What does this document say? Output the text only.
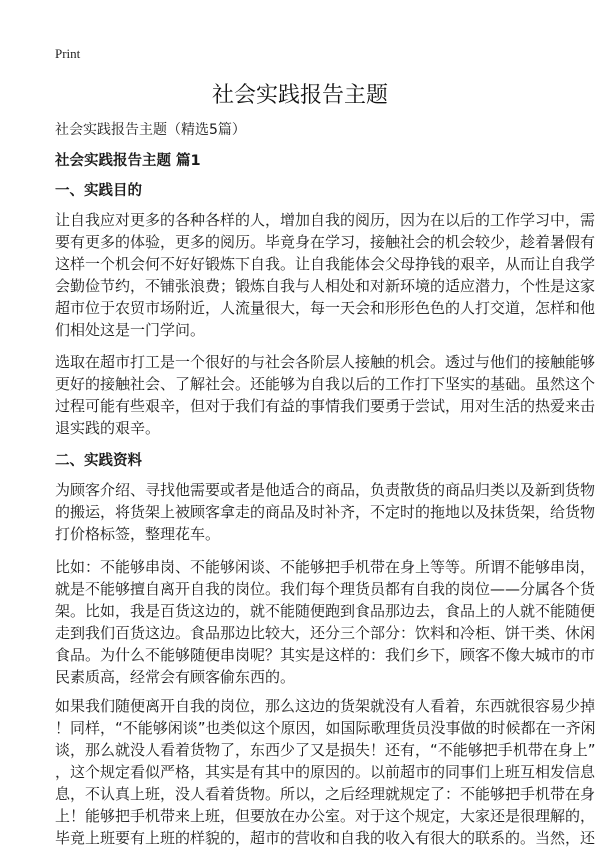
Print
社会实践报告主题
社会实践报告主题（精选5篇）
社会实践报告主题 篇1
一、实践目的
让自我应对更多的各种各样的人，增加自我的阅历，因为在以后的工作学习中，需
要有更多的体验，更多的阅历。毕竟身在学习，接触社会的机会较少，趁着暑假有
这样一个机会何不好好锻炼下自我。让自我能体会父母挣钱的艰辛，从而让自我学
会勤俭节约，不铺张浪费；锻炼自我与人相处和对新环境的适应潜力，个性是这家
超市位于农贸市场附近，人流量很大，每一天会和形形色色的人打交道，怎样和他
们相处这是一门学问。
选取在超市打工是一个很好的与社会各阶层人接触的机会。透过与他们的接触能够
更好的接触社会、了解社会。还能够为自我以后的工作打下坚实的基础。虽然这个
过程可能有些艰辛，但对于我们有益的事情我们要勇于尝试，用对生活的热爱来击
退实践的艰辛。
二、实践资料
为顾客介绍、寻找他需要或者是他适合的商品，负责散货的商品归类以及新到货物
的搬运，将货架上被顾客拿走的商品及时补齐，不定时的拖地以及抹货架，给货物
打价格标签，整理花车。
比如：不能够串岗、不能够闲谈、不能够把手机带在身上等等。所谓不能够串岗，
就是不能够擅自离开自我的岗位。我们每个理货员都有自我的岗位——分属各个货
架。比如，我是百货这边的，就不能随便跑到食品那边去，食品上的人就不能随便
走到我们百货这边。食品那边比较大，还分三个部分：饮料和冷柜、饼干类、休闲
食品。为什么不能够随便串岗呢？其实是这样的：我们乡下，顾客不像大城市的市
民素质高，经常会有顾客偷东西的。
如果我们随便离开自我的岗位，那么这边的货架就没有人看着，东西就很容易少掉
！同样，“不能够闲谈”也类似这个原因，如国际歌理货员没事做的时候都在一齐闲
谈，那么就没人看着货物了，东西少了又是损失！还有，“不能够把手机带在身上”
，这个规定看似严格，其实是有其中的原因的。以前超市的同事们上班互相发信息
息，不认真上班，没人看着货物。所以，之后经理就规定了：不能够把手机带在身
上！能够把手机带来上班，但要放在办公室。对于这个规定，大家还是很理解的，
毕竟上班要有上班的样貌的，超市的营收和自我的收入有很大的联系的。当然，还
